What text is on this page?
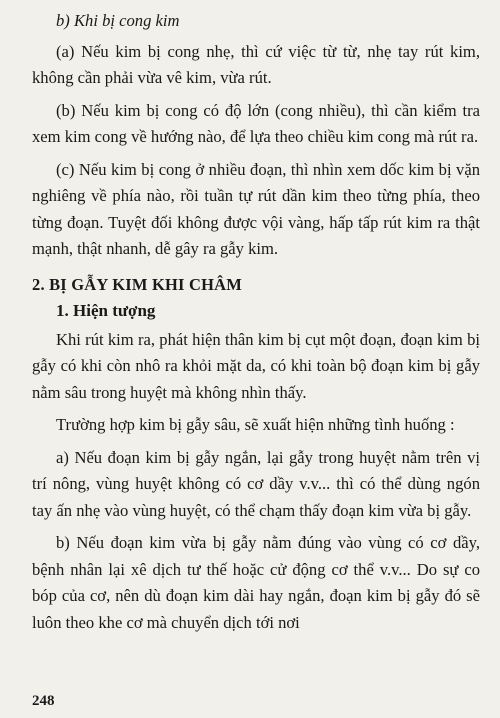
b) Khi bị cong kim

(a) Nếu kim bị cong nhẹ, thì cứ việc từ từ, nhẹ tay rút kim, không cần phải vừa vê kim, vừa rút.

(b) Nếu kim bị cong có độ lớn (cong nhiều), thì cần kiểm tra xem kim cong về hướng nào, để lựa theo chiều kim cong mà rút ra.

(c) Nếu kim bị cong ở nhiều đoạn, thì nhìn xem dốc kim bị vặn nghiêng về phía nào, rồi tuần tự rút dần kim theo từng phía, theo từng đoạn. Tuyệt đối không được vội vàng, hấp tấp rút kim ra thật mạnh, thật nhanh, dễ gây ra gẫy kim.

2. BỊ GẪY KIM KHI CHÂM
1. Hiện tượng

Khi rút kim ra, phát hiện thân kim bị cụt một đoạn, đoạn kim bị gẫy có khi còn nhô ra khỏi mặt da, có khi toàn bộ đoạn kim bị gẫy nằm sâu trong huyệt mà không nhìn thấy.

Trường hợp kim bị gẫy sâu, sẽ xuất hiện những tình huống :

a) Nếu đoạn kim bị gẫy ngắn, lại gẫy trong huyệt nằm trên vị trí nông, vùng huyệt không có cơ dầy v.v... thì có thể dùng ngón tay ấn nhẹ vào vùng huyệt, có thể chạm thấy đoạn kim vừa bị gẫy.

b) Nếu đoạn kim vừa bị gẫy nằm đúng vào vùng có cơ dầy, bệnh nhân lại xê dịch tư thế hoặc cử động cơ thể v.v... Do sự co bóp của cơ, nên dù đoạn kim dài hay ngắn, đoạn kim bị gẫy đó sẽ luôn theo khe cơ mà chuyển dịch tới nơi

248
